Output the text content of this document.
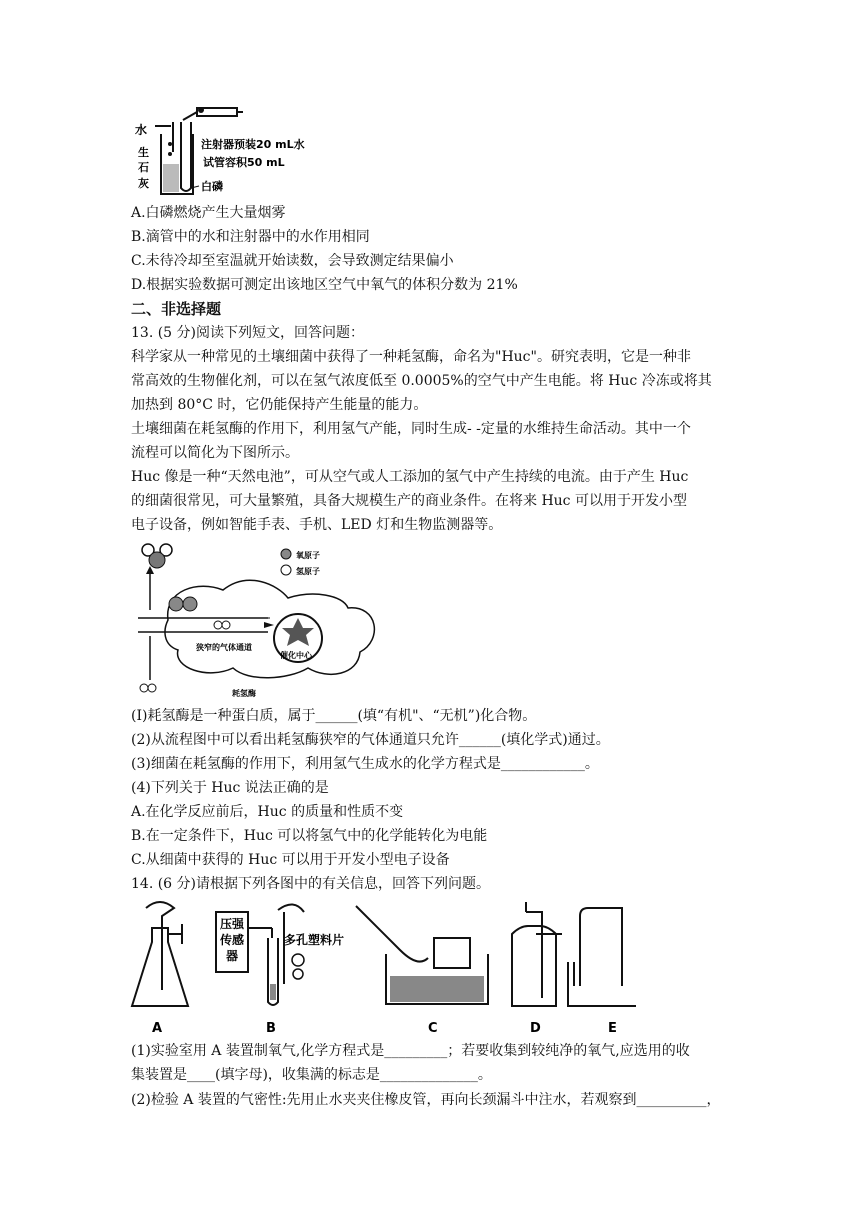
水
生
石
灰
注射器预装20 mL水
试管容积50 mL
白磷
A.白磷燃烧产生大量烟雾
B.滴管中的水和注射器中的水作用相同
C.未待冷却至室温就开始读数，会导致测定结果偏小
D.根据实验数据可测定出该地区空气中氧气的体积分数为 21%
二、非选择题
13. (5 分)阅读下列短文，回答问题：
科学家从一种常见的土壤细菌中获得了一种耗氢酶，命名为"Huc"。研究表明，它是一种非
常高效的生物催化剂，可以在氢气浓度低至 0.0005%的空气中产生电能。将 Huc 冷冻或将其
加热到 80°C 时，它仍能保持产生能量的能力。
土壤细菌在耗氢酶的作用下，利用氢气产能，同时生成- -定量的水维持生命活动。其中一个
流程可以简化为下图所示。
Huc 像是一种“天然电池”，可从空气或人工添加的氢气中产生持续的电流。由于产生 Huc
的细菌很常见，可大量繁殖，具备大规模生产的商业条件。在将来 Huc 可以用于开发小型
电子设备，例如智能手表、手机、LED 灯和生物监测器等。
氧原子
氢原子
狭窄的气体通道
催化中心
耗氢酶
(I)耗氢酶是一种蛋白质，属于______(填“有机"、“无机”)化合物。
(2)从流程图中可以看出耗氢酶狭窄的气体通道只允许______(填化学式)通过。
(3)细菌在耗氢酶的作用下，利用氢气生成水的化学方程式是____________。
(4)下列关于 Huc 说法正确的是
A.在化学反应前后，Huc 的质量和性质不变
B.在一定条件下，Huc 可以将氢气中的化学能转化为电能
C.从细菌中获得的 Huc 可以用于开发小型电子设备
14. (6 分)请根据下列各图中的有关信息，回答下列问题。
压强
传感
器
多孔塑料片
A	B	C	D	E
(1)实验室用 A 装置制氧气,化学方程式是_________；若要收集到较纯净的氧气,应选用的收
集装置是____(填字母)，收集满的标志是______________。
(2)检验 A 装置的气密性:先用止水夹夹住橡皮管，再向长颈漏斗中注水，若观察到__________，
